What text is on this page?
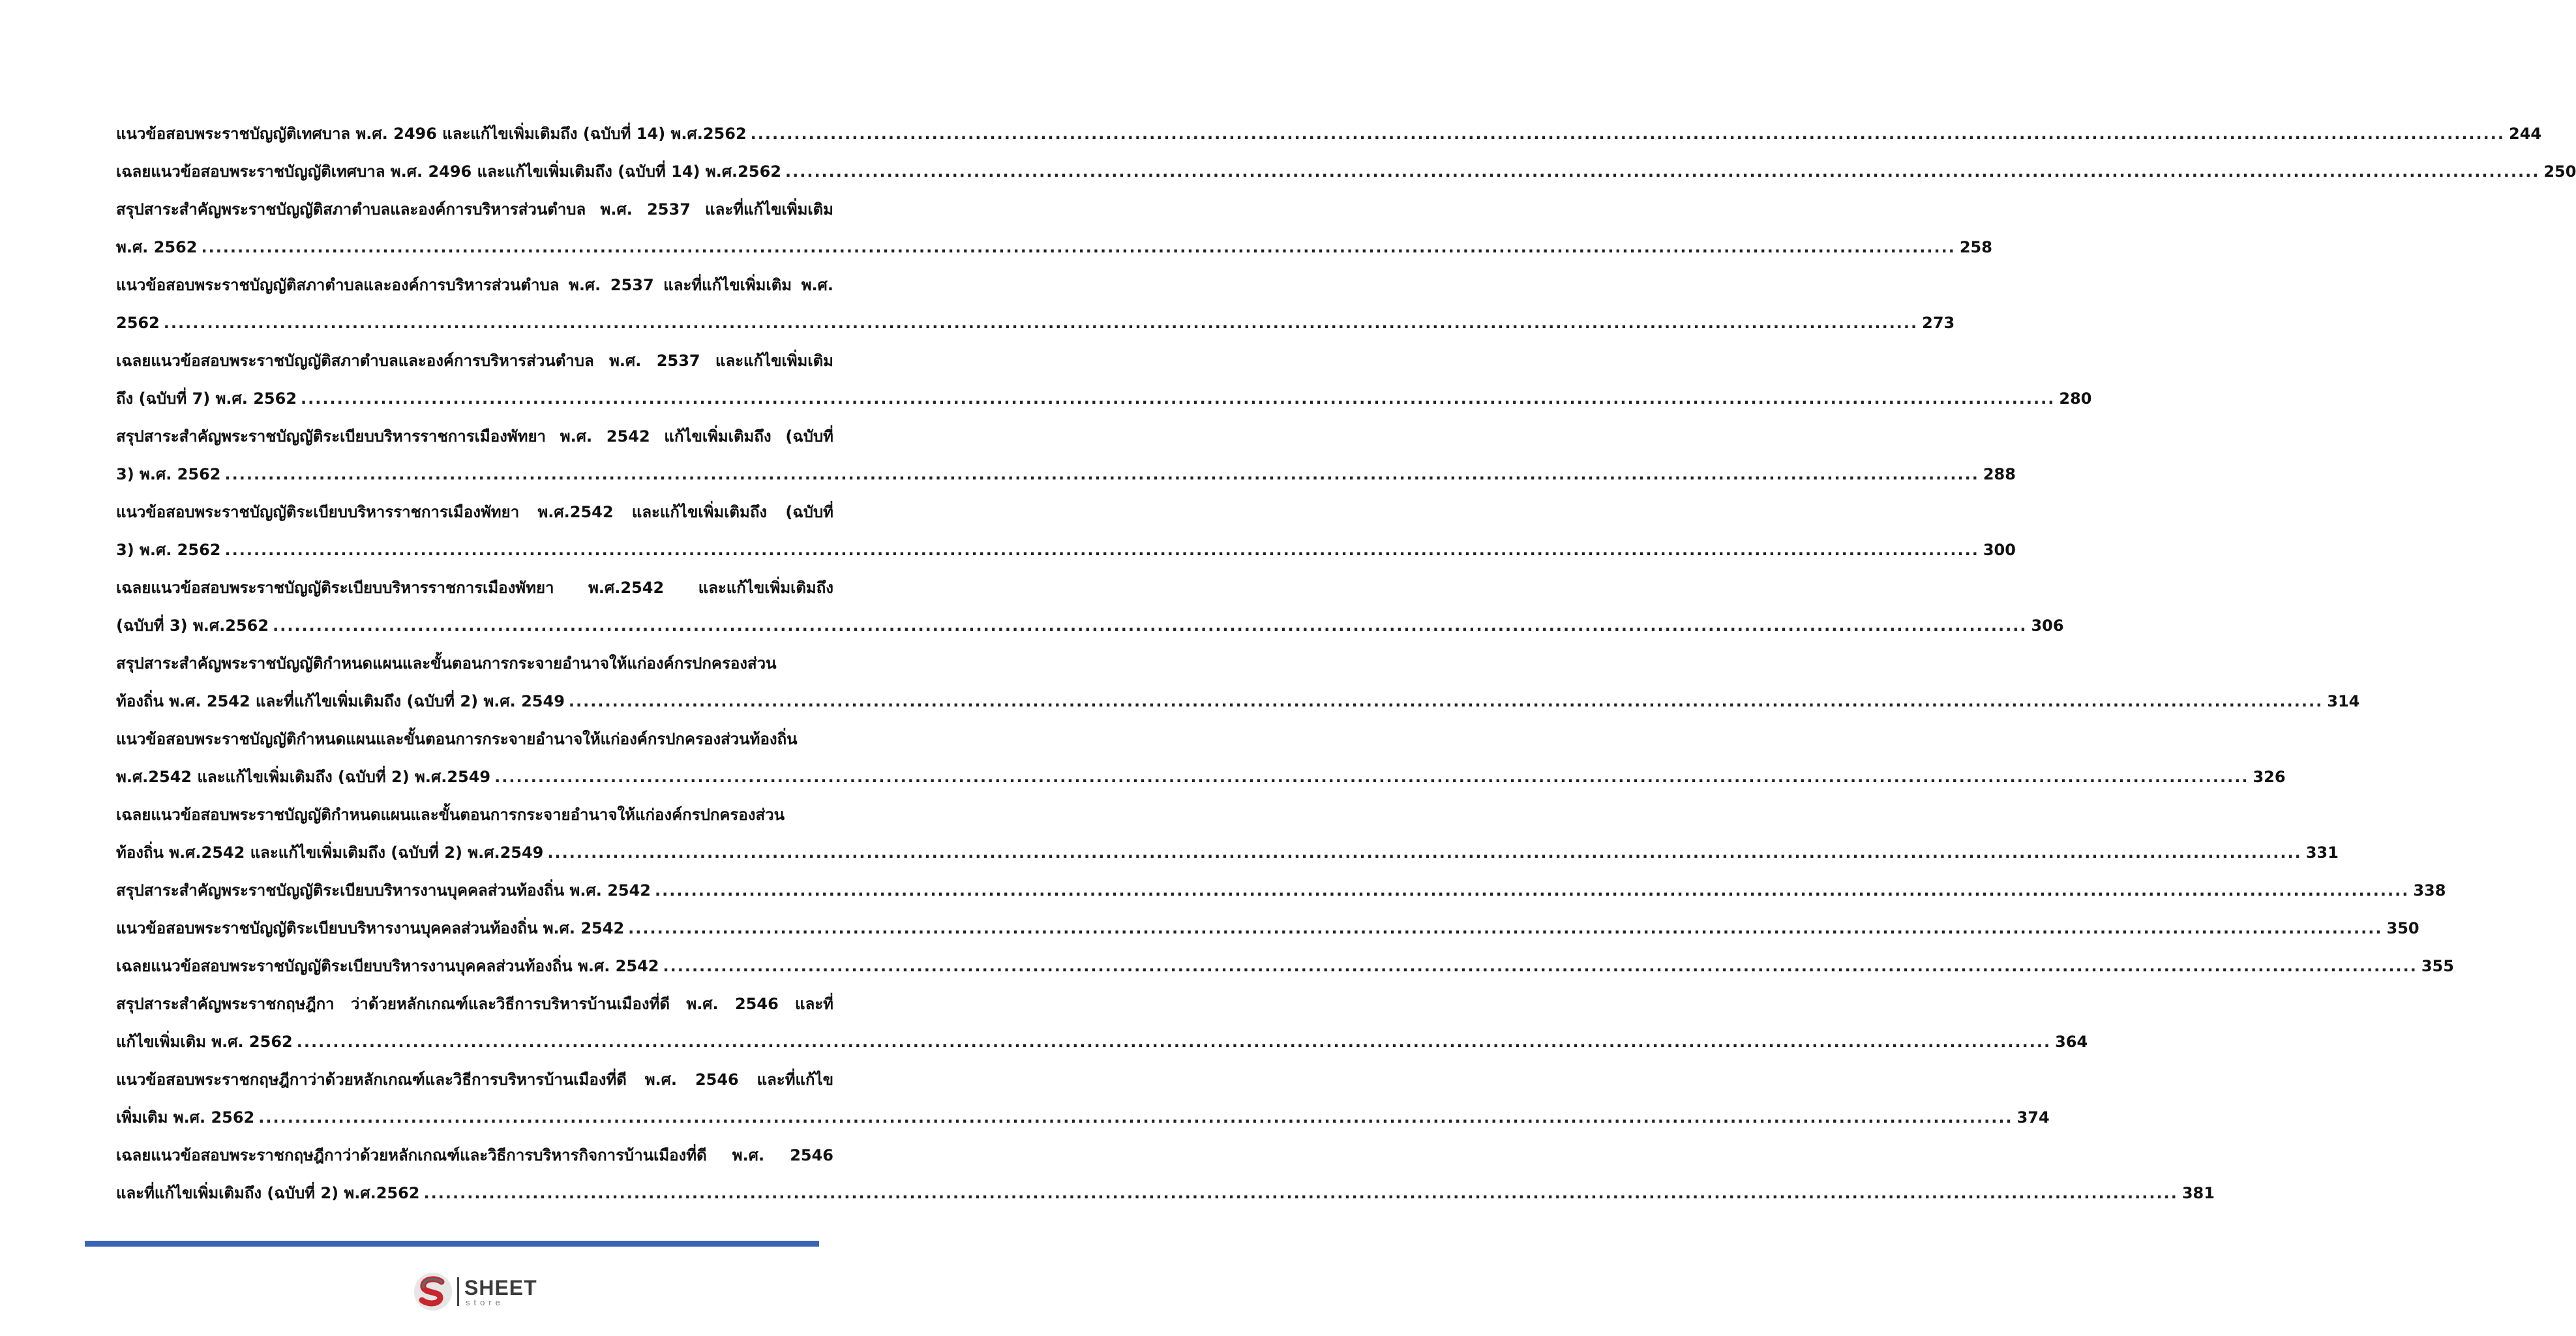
แนวข้อสอบพระราชบัญญัติเทศบาล พ.ศ. 2496 และแก้ไขเพิ่มเติมถึง (ฉบับที่ 14) พ.ศ.2562 .....	244
เฉลยแนวข้อสอบพระราชบัญญัติเทศบาล พ.ศ. 2496 และแก้ไขเพิ่มเติมถึง (ฉบับที่ 14) พ.ศ.2562 .....	250
สรุปสาระสำคัญพระราชบัญญัติสภาตำบลและองค์การบริหารส่วนตำบล พ.ศ. 2537 และที่แก้ไขเพิ่มเติม
พ.ศ. 2562 .....	258
แนวข้อสอบพระราชบัญญัติสภาตำบลและองค์การบริหารส่วนตำบล พ.ศ. 2537 และที่แก้ไขเพิ่มเติม พ.ศ.
2562 .....	273
เฉลยแนวข้อสอบพระราชบัญญัติสภาตำบลและองค์การบริหารส่วนตำบล พ.ศ. 2537 และแก้ไขเพิ่มเติม
ถึง (ฉบับที่ 7) พ.ศ. 2562 .....	280
สรุปสาระสำคัญพระราชบัญญัติระเบียบบริหารราชการเมืองพัทยา พ.ศ. 2542 แก้ไขเพิ่มเติมถึง (ฉบับที่
3) พ.ศ. 2562 .....	288
แนวข้อสอบพระราชบัญญัติระเบียบบริหารราชการเมืองพัทยา พ.ศ.2542 และแก้ไขเพิ่มเติมถึง (ฉบับที่
3) พ.ศ. 2562 .....	300
เฉลยแนวข้อสอบพระราชบัญญัติระเบียบบริหารราชการเมืองพัทยา พ.ศ.2542 และแก้ไขเพิ่มเติมถึง
(ฉบับที่ 3) พ.ศ.2562 .....	306
สรุปสาระสำคัญพระราชบัญญัติกำหนดแผนและขั้นตอนการกระจายอำนาจให้แก่องค์กรปกครองส่วน
ท้องถิ่น พ.ศ. 2542 และที่แก้ไขเพิ่มเติมถึง (ฉบับที่ 2) พ.ศ. 2549 .....	314
แนวข้อสอบพระราชบัญญัติกำหนดแผนและขั้นตอนการกระจายอำนาจให้แก่องค์กรปกครองส่วนท้องถิ่น
พ.ศ.2542 และแก้ไขเพิ่มเติมถึง (ฉบับที่ 2) พ.ศ.2549 .....	326
เฉลยแนวข้อสอบพระราชบัญญัติกำหนดแผนและขั้นตอนการกระจายอำนาจให้แก่องค์กรปกครองส่วน
ท้องถิ่น พ.ศ.2542 และแก้ไขเพิ่มเติมถึง (ฉบับที่ 2) พ.ศ.2549 .....	331
สรุปสาระสำคัญพระราชบัญญัติระเบียบบริหารงานบุคคลส่วนท้องถิ่น พ.ศ. 2542 .....	338
แนวข้อสอบพระราชบัญญัติระเบียบบริหารงานบุคคลส่วนท้องถิ่น พ.ศ. 2542 .....	350
เฉลยแนวข้อสอบพระราชบัญญัติระเบียบบริหารงานบุคคลส่วนท้องถิ่น พ.ศ. 2542 .....	355
สรุปสาระสำคัญพระราชกฤษฎีกา ว่าด้วยหลักเกณฑ์และวิธีการบริหารบ้านเมืองที่ดี พ.ศ. 2546 และที่
แก้ไขเพิ่มเติม พ.ศ. 2562 .....	364
แนวข้อสอบพระราชกฤษฎีกาว่าด้วยหลักเกณฑ์และวิธีการบริหารบ้านเมืองที่ดี พ.ศ. 2546 และที่แก้ไข
เพิ่มเติม พ.ศ. 2562 .....	374
เฉลยแนวข้อสอบพระราชกฤษฎีกาว่าด้วยหลักเกณฑ์และวิธีการบริหารกิจการบ้านเมืองที่ดี พ.ศ. 2546
และที่แก้ไขเพิ่มเติมถึง (ฉบับที่ 2) พ.ศ.2562 .....	381
SHEET
store
